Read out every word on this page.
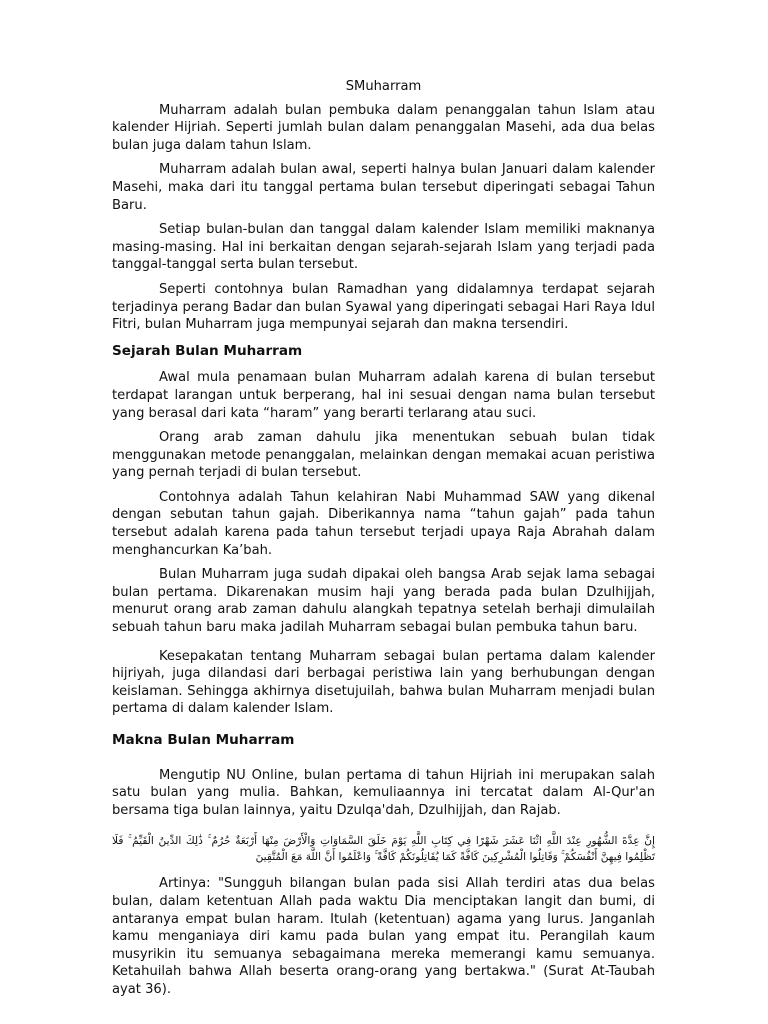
SMuharram

Muharram adalah bulan pembuka dalam penanggalan tahun Islam atau kalender Hijriah. Seperti jumlah bulan dalam penanggalan Masehi, ada dua belas bulan juga dalam tahun Islam.

Muharram adalah bulan awal, seperti halnya bulan Januari dalam kalender Masehi, maka dari itu tanggal pertama bulan tersebut diperingati sebagai Tahun Baru.

Setiap bulan-bulan dan tanggal dalam kalender Islam memiliki maknanya masing-masing. Hal ini berkaitan dengan sejarah-sejarah Islam yang terjadi pada tanggal-tanggal serta bulan tersebut.

Seperti contohnya bulan Ramadhan yang didalamnya terdapat sejarah terjadinya perang Badar dan bulan Syawal yang diperingati sebagai Hari Raya Idul Fitri, bulan Muharram juga mempunyai sejarah dan makna tersendiri.

Sejarah Bulan Muharram

Awal mula penamaan bulan Muharram adalah karena di bulan tersebut terdapat larangan untuk berperang, hal ini sesuai dengan nama bulan tersebut yang berasal dari kata “haram” yang berarti terlarang atau suci.

Orang arab zaman dahulu jika menentukan sebuah bulan tidak menggunakan metode penanggalan, melainkan dengan memakai acuan peristiwa yang pernah terjadi di bulan tersebut.

Contohnya adalah Tahun kelahiran Nabi Muhammad SAW yang dikenal dengan sebutan tahun gajah. Diberikannya nama “tahun gajah” pada tahun tersebut adalah karena pada tahun tersebut terjadi upaya Raja Abrahah dalam menghancurkan Ka’bah.

Bulan Muharram juga sudah dipakai oleh bangsa Arab sejak lama sebagai bulan pertama. Dikarenakan musim haji yang berada pada bulan Dzulhijjah, menurut orang arab zaman dahulu alangkah tepatnya setelah berhaji dimulailah sebuah tahun baru maka jadilah Muharram sebagai bulan pembuka tahun baru.

Kesepakatan tentang Muharram sebagai bulan pertama dalam kalender hijriyah, juga dilandasi dari berbagai peristiwa lain yang berhubungan dengan keislaman. Sehingga akhirnya disetujuilah, bahwa bulan Muharram menjadi bulan pertama di dalam kalender Islam.

Makna Bulan Muharram

Mengutip NU Online, bulan pertama di tahun Hijriah ini merupakan salah satu bulan yang mulia. Bahkan, kemuliaannya ini tercatat dalam Al-Qur'an bersama tiga bulan lainnya, yaitu Dzulqa'dah, Dzulhijjah, dan Rajab.

إِنَّ عِدَّةَ الشُّهُورِ عِنْدَ اللَّهِ اثْنَا عَشَرَ شَهْرًا فِي كِتَابِ اللَّهِ يَوْمَ خَلَقَ السَّمَاوَاتِ وَالْأَرْضَ مِنْهَا أَرْبَعَةٌ حُرُمٌ ۚ ذَٰلِكَ الدِّينُ الْقَيِّمُ ۚ فَلَا تَظْلِمُوا فِيهِنَّ أَنْفُسَكُمْ ۚ وَقَاتِلُوا الْمُشْرِكِينَ كَافَّةً كَمَا يُقَاتِلُونَكُمْ كَافَّةً ۚ وَاعْلَمُوا أَنَّ اللَّهَ مَعَ الْمُتَّقِينَ

Artinya: "Sungguh bilangan bulan pada sisi Allah terdiri atas dua belas bulan, dalam ketentuan Allah pada waktu Dia menciptakan langit dan bumi, di antaranya empat bulan haram. Itulah (ketentuan) agama yang lurus. Janganlah kamu menganiaya diri kamu pada bulan yang empat itu. Perangilah kaum musyrikin itu semuanya sebagaimana mereka memerangi kamu semuanya. Ketahuilah bahwa Allah beserta orang-orang yang bertakwa." (Surat At-Taubah ayat 36).
